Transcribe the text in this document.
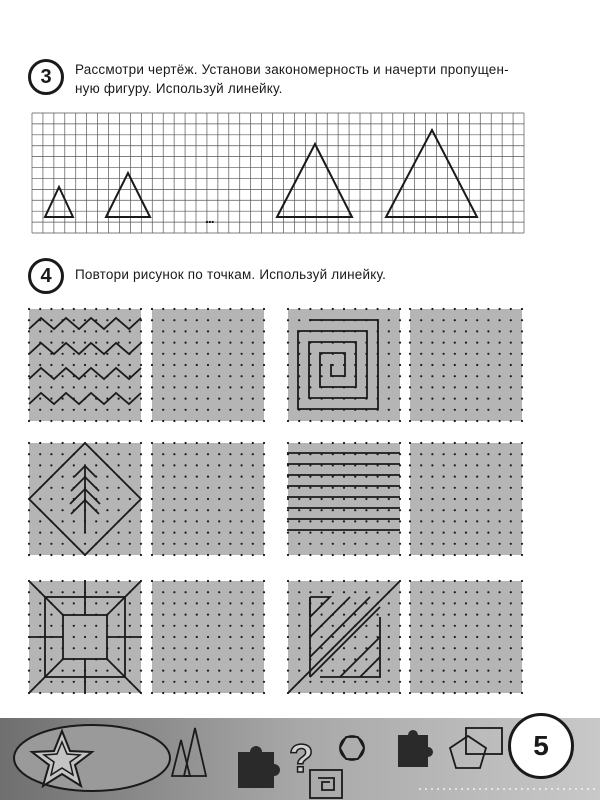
3	Рассмотри чертёж. Установи закономерность и начерти пропущен-
ную фигуру. Используй линейку.
...
4	Повтори рисунок по точкам. Используй линейку.
?	5
